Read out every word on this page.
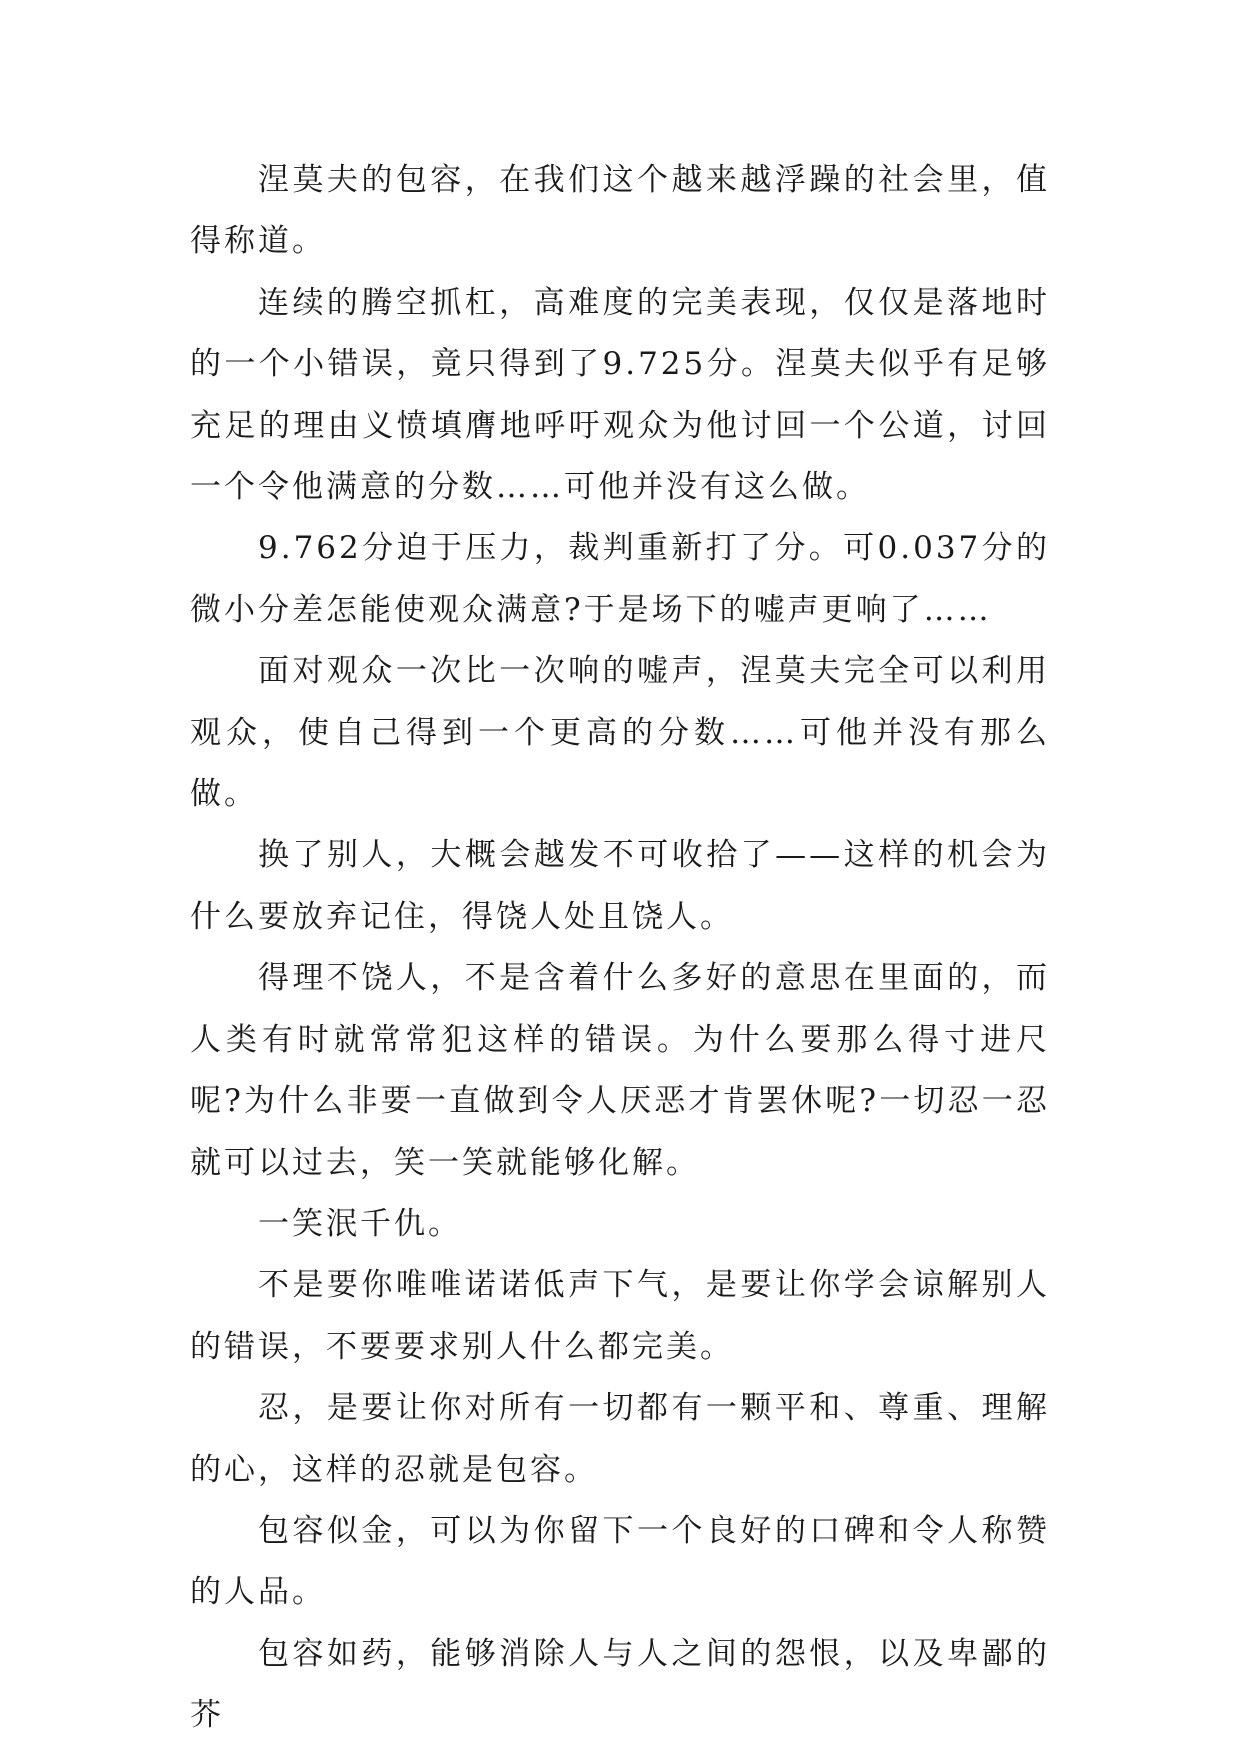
涅莫夫的包容，在我们这个越来越浮躁的社会里，值得称道。

连续的腾空抓杠，高难度的完美表现，仅仅是落地时的一个小错误，竟只得到了9.725分。涅莫夫似乎有足够充足的理由义愤填膺地呼吁观众为他讨回一个公道，讨回一个令他满意的分数……可他并没有这么做。

9.762分迫于压力，裁判重新打了分。可0.037分的微小分差怎能使观众满意?于是场下的嘘声更响了……

面对观众一次比一次响的嘘声，涅莫夫完全可以利用观众，使自己得到一个更高的分数……可他并没有那么做。

换了别人，大概会越发不可收拾了——这样的机会为什么要放弃记住，得饶人处且饶人。

得理不饶人，不是含着什么多好的意思在里面的，而人类有时就常常犯这样的错误。为什么要那么得寸进尺呢?为什么非要一直做到令人厌恶才肯罢休呢?一切忍一忍就可以过去，笑一笑就能够化解。

一笑泯千仇。

不是要你唯唯诺诺低声下气，是要让你学会谅解别人的错误，不要要求别人什么都完美。

忍，是要让你对所有一切都有一颗平和、尊重、理解的心，这样的忍就是包容。

包容似金，可以为你留下一个良好的口碑和令人称赞的人品。

包容如药，能够消除人与人之间的怨恨，以及卑鄙的芥
